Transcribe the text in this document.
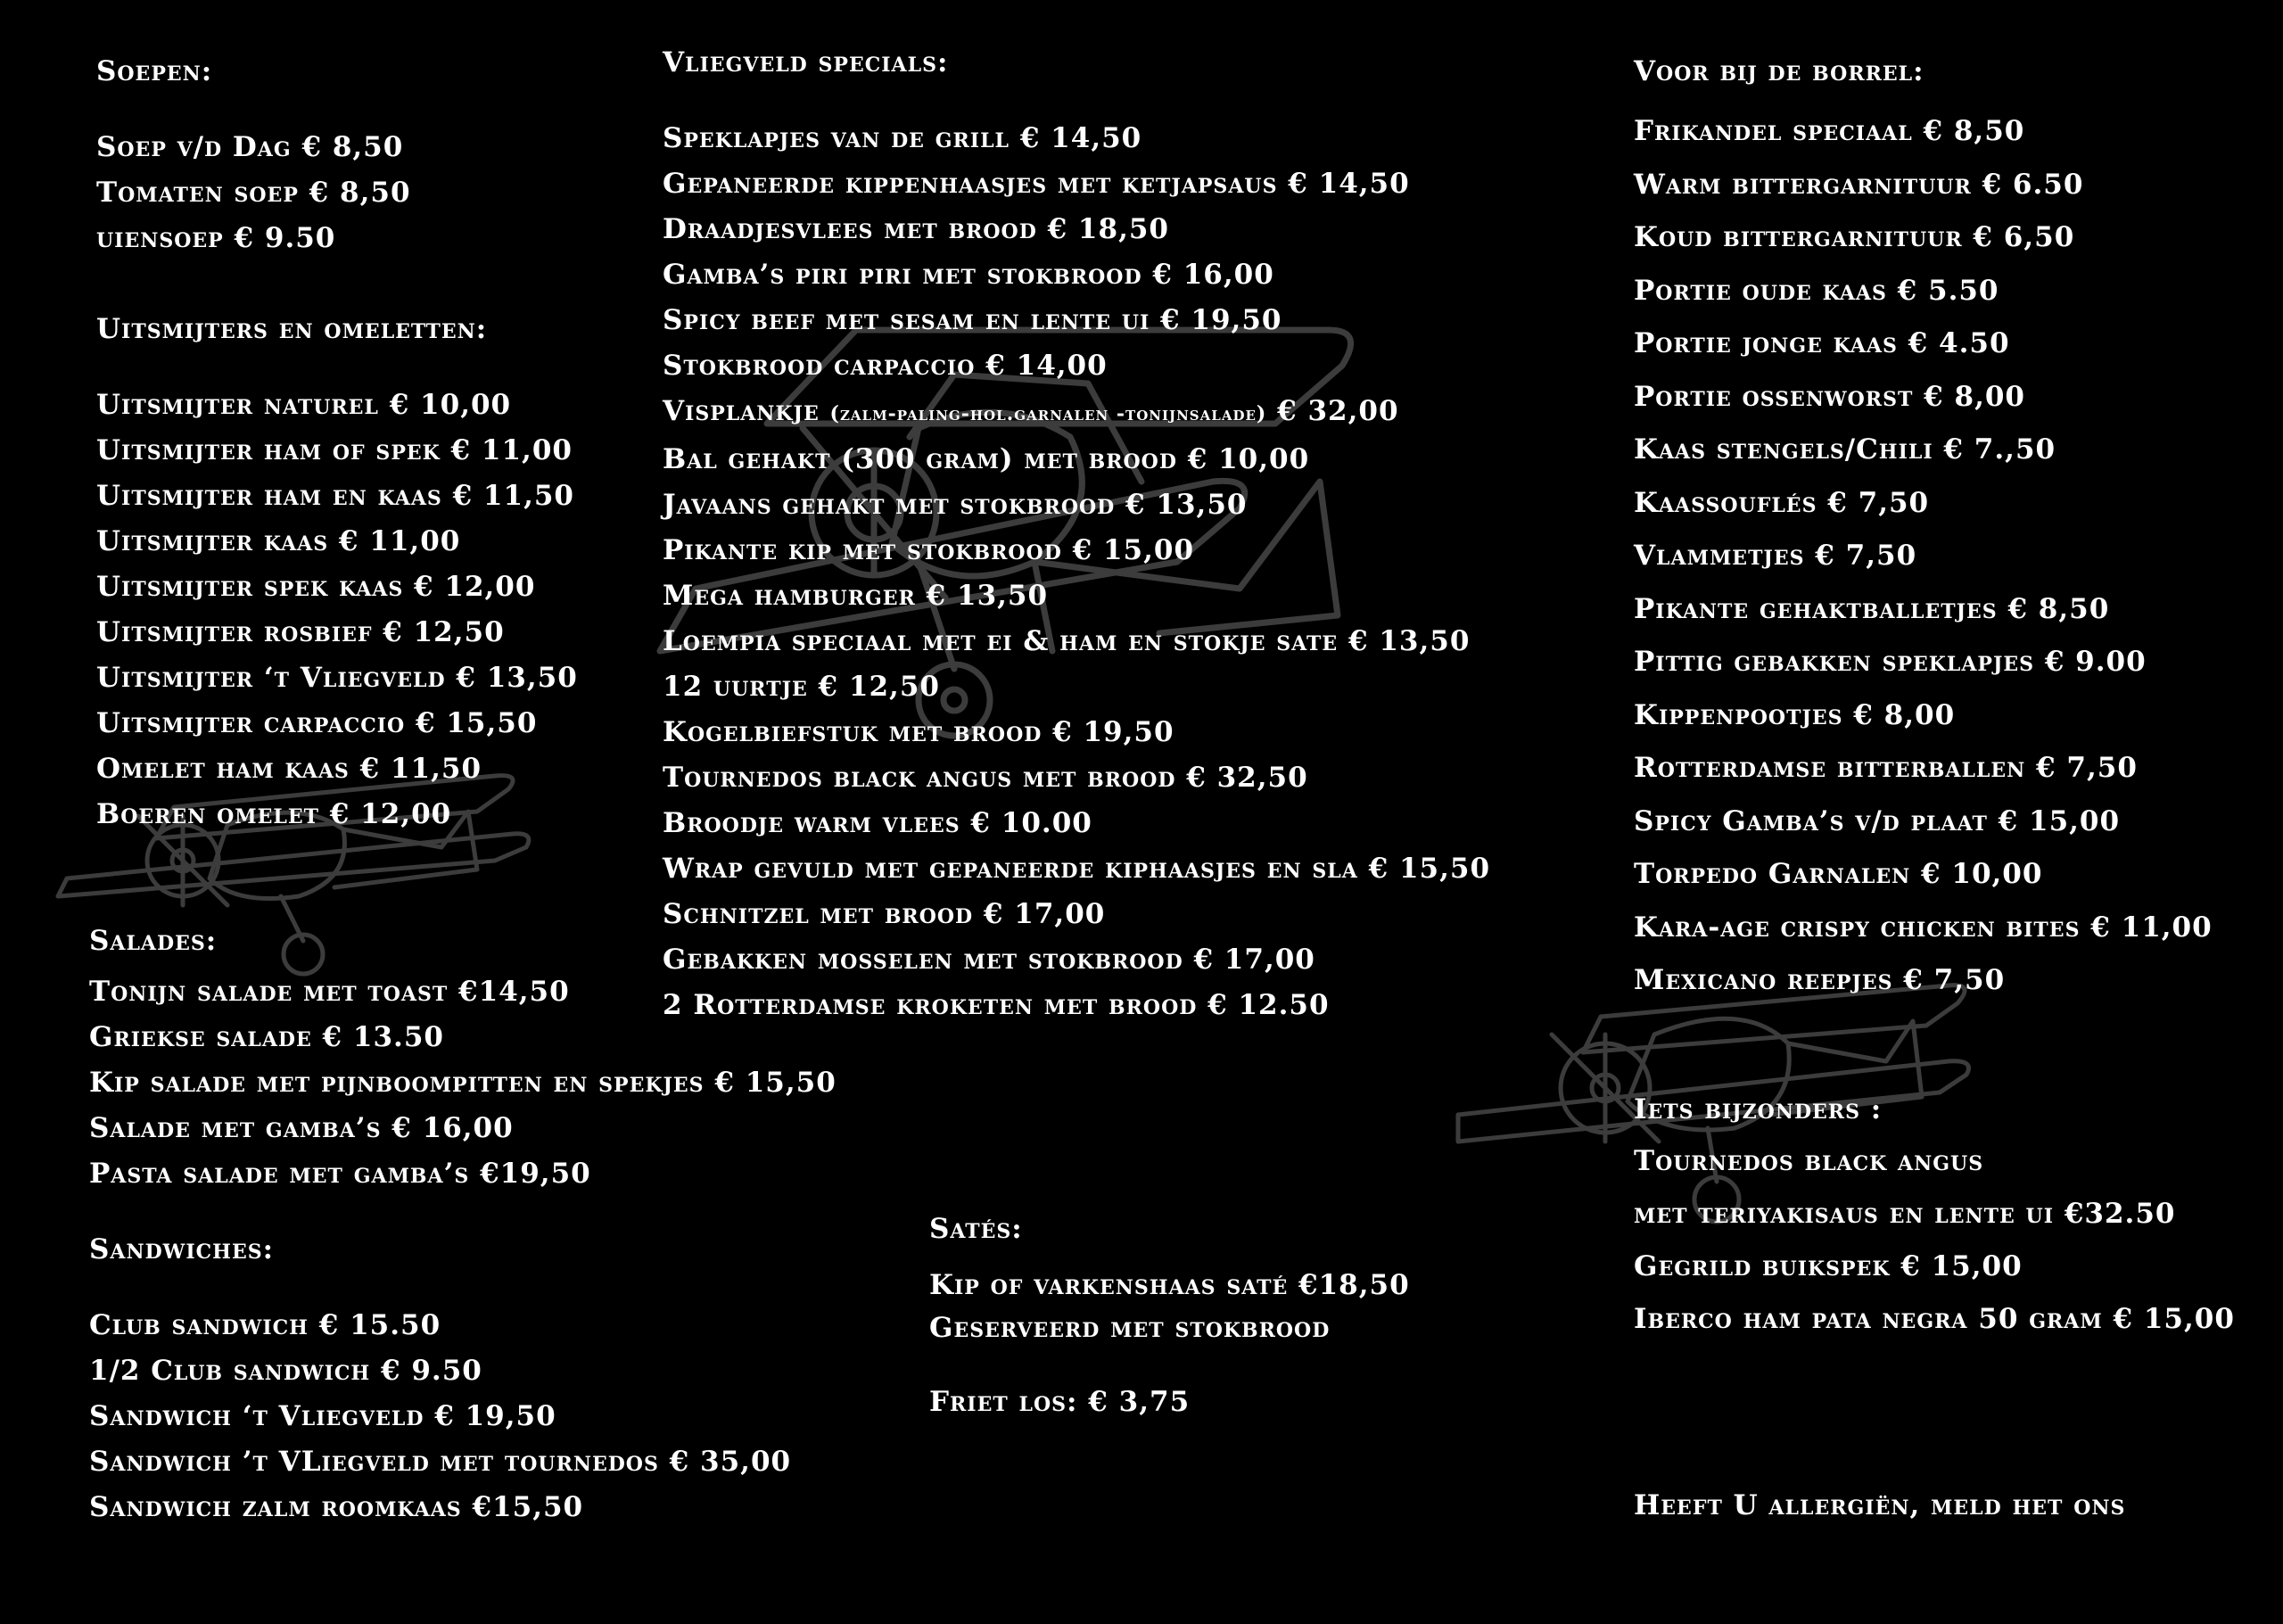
Soepen:
Soep v/d Dag € 8,50
Tomaten soep € 8,50
uiensoep € 9.50
Uitsmijters en omeletten:
Uitsmijter naturel € 10,00
Uitsmijter ham of spek € 11,00
Uitsmijter ham en kaas € 11,50
Uitsmijter kaas € 11,00
Uitsmijter spek kaas € 12,00
Uitsmijter rosbief € 12,50
Uitsmijter ‘t Vliegveld € 13,50
Uitsmijter carpaccio € 15,50
Omelet ham kaas € 11,50
Boeren omelet € 12,00
Salades:
Tonijn salade met toast €14,50
Griekse salade € 13.50
Kip salade met pijnboompitten en spekjes € 15,50
Salade met gamba’s € 16,00
Pasta salade met gamba’s €19,50
Sandwiches:
Club sandwich € 15.50
1/2 Club sandwich € 9.50
Sandwich ‘t Vliegveld € 19,50
Sandwich ’t VLiegveld met tournedos € 35,00
Sandwich zalm roomkaas €15,50
Vliegveld specials:
Speklapjes van de grill € 14,50
Gepaneerde kippenhaasjes met ketjapsaus € 14,50
Draadjesvlees met brood € 18,50
Gamba’s piri piri met stokbrood € 16,00
Spicy beef met sesam en lente ui € 19,50
Stokbrood carpaccio € 14,00
Visplankje (zalm-paling-hol.garnalen -tonijnsalade) € 32,00
Bal gehakt (300 gram) met brood € 10,00
Javaans gehakt met stokbrood € 13,50
Pikante kip met stokbrood € 15,00
Mega hamburger € 13,50
Loempia speciaal met ei & ham en stokje sate € 13,50
12 uurtje € 12,50
Kogelbiefstuk met brood € 19,50
Tournedos black angus met brood € 32,50
Broodje warm vlees € 10.00
Wrap gevuld met gepaneerde kiphaasjes en sla € 15,50
Schnitzel met brood € 17,00
Gebakken mosselen met stokbrood € 17,00
2 Rotterdamse kroketen met brood € 12.50
Satés:
Kip of varkenshaas saté €18,50
Geserveerd met stokbrood
Friet los: € 3,75
Voor bij de borrel:
Frikandel speciaal € 8,50
Warm bittergarnituur € 6.50
Koud bittergarnituur € 6,50
Portie oude kaas € 5.50
Portie jonge kaas € 4.50
Portie ossenworst € 8,00
Kaas stengels/Chili € 7.,50
Kaassouflés € 7,50
Vlammetjes € 7,50
Pikante gehaktballetjes € 8,50
Pittig gebakken speklapjes € 9.00
Kippenpootjes € 8,00
Rotterdamse bitterballen € 7,50
Spicy Gamba’s v/d plaat € 15,00
Torpedo Garnalen € 10,00
Kara-age crispy chicken bites € 11,00
Mexicano reepjes € 7,50
Iets bijzonders :
Tournedos black angus
met teriyakisaus en lente ui €32.50
Gegrild buikspek € 15,00
Iberco ham pata negra 50 gram € 15,00
Heeft U allergiën, meld het ons
